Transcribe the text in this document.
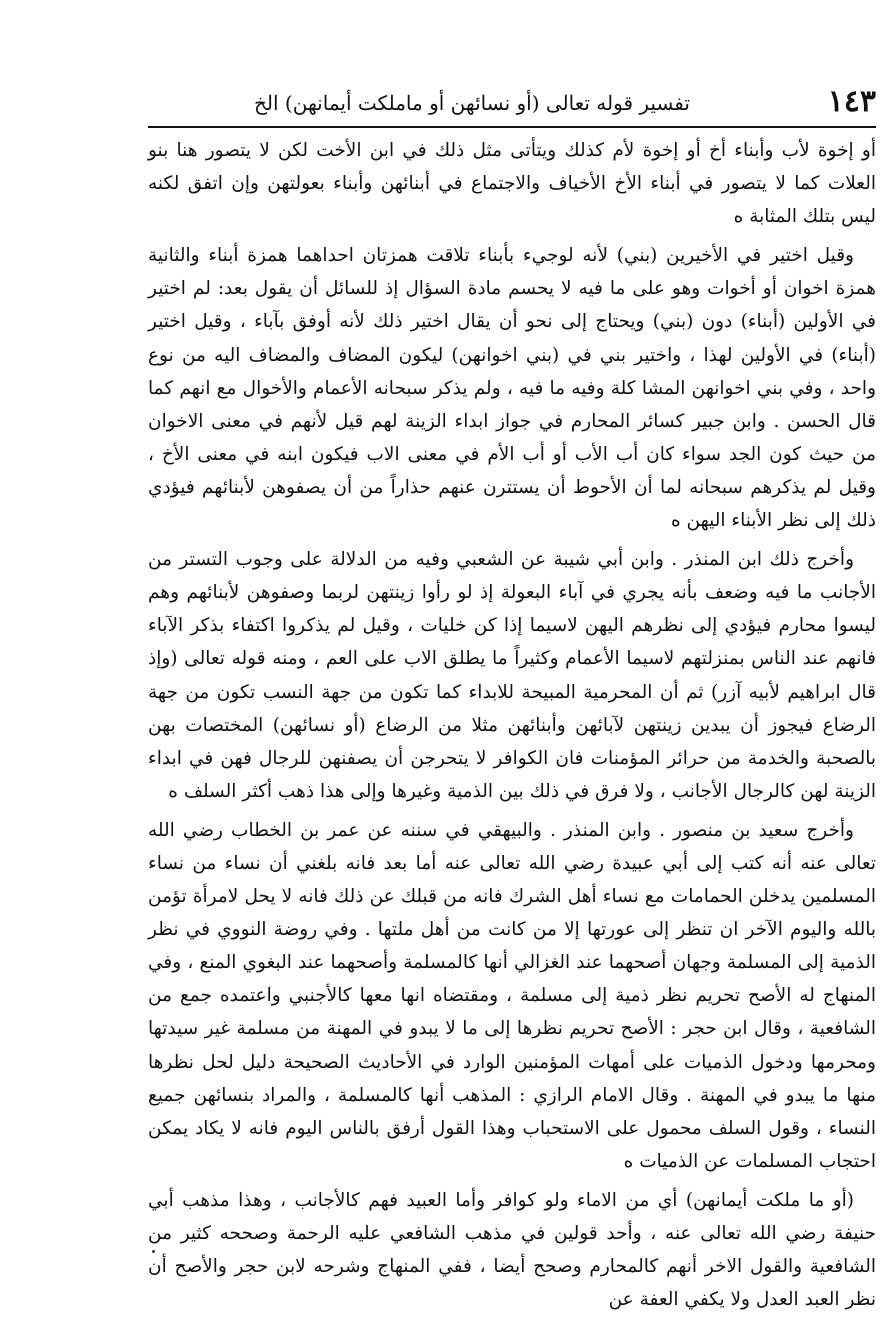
١٤٣
تفسير قوله تعالى (أو نسائهن أو ماملكت أيمانهن) الخ

أو إخوة لأب وأبناء أخ أو إخوة لأم كذلك ويتأتى مثل ذلك في ابن الأخت لكن لا يتصور هنا بنو العلات كما لا يتصور في أبناء الأخ الأخياف والاجتماع في أبنائهن وأبناء بعولتهن وإن اتفق لكنه ليس بتلك المثابة ه

وقيل اختير في الأخيرين (بني) لأنه لوجيء بأبناء تلاقت همزتان احداهما همزة أبناء والثانية همزة اخوان أو أخوات وهو على ما فيه لا يحسم مادة السؤال إذ للسائل أن يقول بعد: لم اختير في الأولين (أبناء) دون (بني) ويحتاج إلى نحو أن يقال اختير ذلك لأنه أوفق بآباء ، وقيل اختير (أبناء) في الأولين لهذا ، واختير بني في (بني اخوانهن) ليكون المضاف والمضاف اليه من نوع واحد ، وفي بني اخوانهن المشا كلة وفيه ما فيه ، ولم يذكر سبحانه الأعمام والأخوال مع انهم كما قال الحسن . وابن جبير كسائر المحارم في جواز ابداء الزينة لهم قيل لأنهم في معنى الاخوان من حيث كون الجد سواء كان أب الأب أو أب الأم في معنى الاب فيكون ابنه في معنى الأخ ، وقيل لم يذكرهم سبحانه لما أن الأحوط أن يستترن عنهم حذاراً من أن يصفوهن لأبنائهم فيؤدي ذلك إلى نظر الأبناء اليهن ه

وأخرج ذلك ابن المنذر . وابن أبي شيبة عن الشعبي وفيه من الدلالة على وجوب التستر من الأجانب ما فيه وضعف بأنه يجري في آباء البعولة إذ لو رأوا زينتهن لربما وصفوهن لأبنائهم وهم ليسوا محارم فيؤدي إلى نظرهم اليهن لاسيما إذا كن خليات ، وقيل لم يذكروا اكتفاء بذكر الآباء فانهم عند الناس بمنزلتهم لاسيما الأعمام وكثيراً ما يطلق الاب على العم ، ومنه قوله تعالى (وإذ قال ابراهيم لأبيه آزر) ثم أن المحرمية المبيحة للابداء كما تكون من جهة النسب تكون من جهة الرضاع فيجوز أن يبدين زينتهن لآبائهن وأبنائهن مثلا من الرضاع (أو نسائهن) المختصات بهن بالصحبة والخدمة من حرائر المؤمنات فان الكوافر لا يتحرجن أن يصفنهن للرجال فهن في ابداء الزينة لهن كالرجال الأجانب ، ولا فرق في ذلك بين الذمية وغيرها وإلى هذا ذهب أكثر السلف ه

وأخرج سعيد بن منصور . وابن المنذر . والبيهقي في سننه عن عمر بن الخطاب رضي الله تعالى عنه أنه كتب إلى أبي عبيدة رضي الله تعالى عنه أما بعد فانه بلغني أن نساء من نساء المسلمين يدخلن الحمامات مع نساء أهل الشرك فانه من قبلك عن ذلك فانه لا يحل لامرأة تؤمن بالله واليوم الآخر ان تنظر إلى عورتها إلا من كانت من أهل ملتها . وفي روضة النووي في نظر الذمية إلى المسلمة وجهان أصحهما عند الغزالي أنها كالمسلمة وأصحهما عند البغوي المنع ، وفي المنهاج له الأصح تحريم نظر ذمية إلى مسلمة ، ومقتضاه انها معها كالأجنبي واعتمده جمع من الشافعية ، وقال ابن حجر : الأصح تحريم نظرها إلى ما لا يبدو في المهنة من مسلمة غير سيدتها ومحرمها ودخول الذميات على أمهات المؤمنين الوارد في الأحاديث الصحيحة دليل لحل نظرها منها ما يبدو في المهنة . وقال الامام الرازي : المذهب أنها كالمسلمة ، والمراد بنسائهن جميع النساء ، وقول السلف محمول على الاستحباب وهذا القول أرفق بالناس اليوم فانه لا يكاد يمكن احتجاب المسلمات عن الذميات ه

(أو ما ملكت أيمانهن) أي من الاماء ولو كوافر وأما العبيد فهم كالأجانب ، وهذا مذهب أبي حنيفة رضي الله تعالى عنه ، وأحد قولين في مذهب الشافعي عليه الرحمة وصححه كثير من الشافعية والقول الاخر أنهم كالمحارم وصحح أيضا ، ففي المنهاج وشرحه لابن حجر والأصح أن نظر العبد العدل ولا يكفي العفة عن
